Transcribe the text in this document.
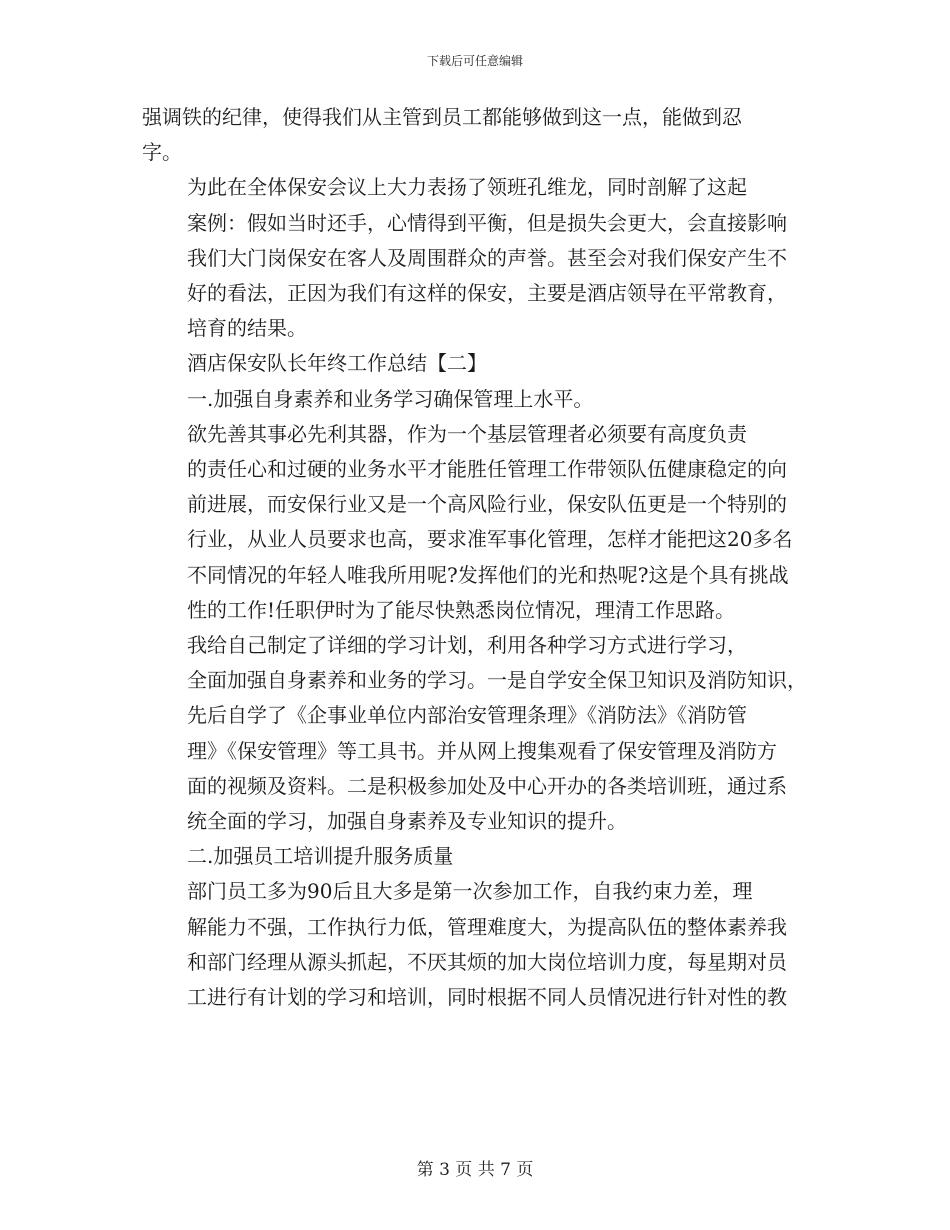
下载后可任意编辑

强调铁的纪律，使得我们从主管到员工都能够做到这一点，能做到忍
字。

为此在全体保安会议上大力表扬了领班孔维龙，同时剖解了这起
案例：假如当时还手，心情得到平衡，但是损失会更大，会直接影响
我们大门岗保安在客人及周围群众的声誉。甚至会对我们保安产生不
好的看法，正因为我们有这样的保安，主要是酒店领导在平常教育，
培育的结果。

酒店保安队长年终工作总结【二】

一.加强自身素养和业务学习确保管理上水平。

欲先善其事必先利其器，作为一个基层管理者必须要有高度负责
的责任心和过硬的业务水平才能胜任管理工作带领队伍健康稳定的向
前进展，而安保行业又是一个高风险行业，保安队伍更是一个特别的
行业，从业人员要求也高，要求准军事化管理，怎样才能把这20多名
不同情况的年轻人唯我所用呢?发挥他们的光和热呢?这是个具有挑战
性的工作!任职伊时为了能尽快熟悉岗位情况，理清工作思路。

我给自己制定了详细的学习计划，利用各种学习方式进行学习，
全面加强自身素养和业务的学习。一是自学安全保卫知识及消防知识，
先后自学了《企事业单位内部治安管理条理》《消防法》《消防管
理》《保安管理》等工具书。并从网上搜集观看了保安管理及消防方
面的视频及资料。二是积极参加处及中心开办的各类培训班，通过系
统全面的学习，加强自身素养及专业知识的提升。

二.加强员工培训提升服务质量

部门员工多为90后且大多是第一次参加工作，自我约束力差，理
解能力不强，工作执行力低，管理难度大，为提高队伍的整体素养我
和部门经理从源头抓起，不厌其烦的加大岗位培训力度，每星期对员
工进行有计划的学习和培训，同时根据不同人员情况进行针对性的教

第 3 页 共 7 页
